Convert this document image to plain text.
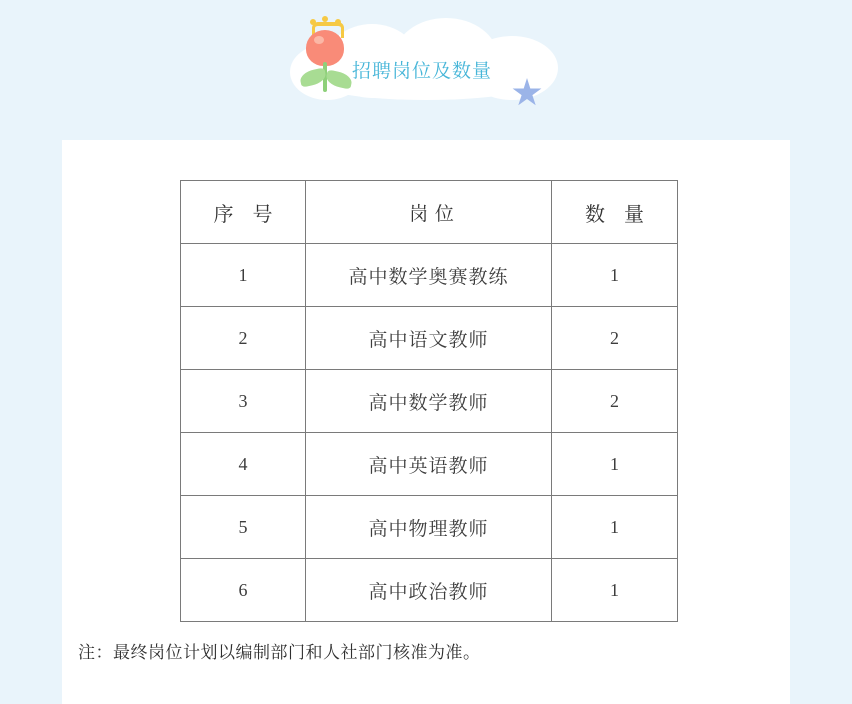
招聘岗位及数量
序 号	岗 位	数 量
1	高中数学奥赛教练	1
2	高中语文教师	2
3	高中数学教师	2
4	高中英语教师	1
5	高中物理教师	1
6	高中政治教师	1
注：最终岗位计划以编制部门和人社部门核准为准。
